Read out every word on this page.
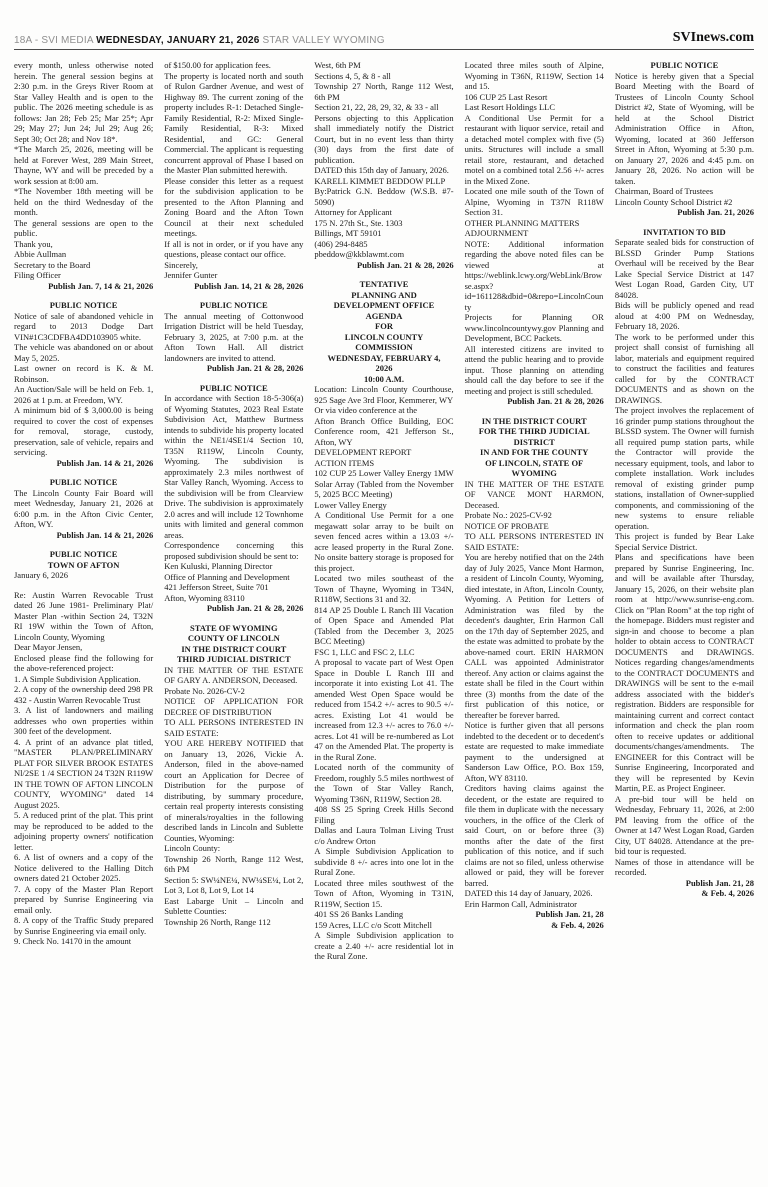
18A - SVI MEDIA WEDNESDAY, JANUARY 21, 2026 STAR VALLEY WYOMING	SVInews.com
every month, unless otherwise noted herein. The general session begins at 2:30 p.m. in the Greys River Room at Star Valley Health and is open to the public. The 2026 meeting schedule is as follows: Jan 28; Feb 25; Mar 25*; Apr 29; May 27; Jun 24; Jul 29; Aug 26; Sept 30; Oct 28; and Nov 18*.
*The March 25, 2026, meeting will be held at Forever West, 289 Main Street, Thayne, WY and will be preceded by a work session at 8:00 am.
*The November 18th meeting will be held on the third Wednesday of the month.
The general sessions are open to the public.
Thank you,
Abbie Aullman
Secretary to the Board
Filing Officer
Publish Jan. 7, 14 & 21, 2026
PUBLIC NOTICE
Notice of sale of abandoned vehicle in regard to 2013 Dodge Dart VIN#1C3CDFBA4DD103905 white.
The vehicle was abandoned on or about May 5, 2025.
Last owner on record is K. & M. Robinson.
An Auction/Sale will be held on Feb. 1, 2026 at 1 p.m. at Freedom, WY.
A minimum bid of $ 3,000.00 is being required to cover the cost of expenses for removal, storage, custody, preservation, sale of vehicle, repairs and servicing.
Publish Jan. 14 & 21, 2026
PUBLIC NOTICE
The Lincoln County Fair Board will meet Wednesday, January 21, 2026 at 6:00 p.m. in the Afton Civic Center, Afton, WY.
Publish Jan. 14 & 21, 2026
PUBLIC NOTICE
TOWN OF AFTON
January 6, 2026
Re: Austin Warren Revocable Trust dated 26 June 1981- Preliminary Plat/ Master Plan -within Section 24, T32N RI 19W within the Town of Afton, Lincoln County, Wyoming
Dear Mayor Jensen,
Enclosed please find the following for the above-referenced project:
1. A Simple Subdivision Application.
2. A copy of the ownership deed 298 PR 432 - Austin Warren Revocable Trust
3. A list of landowners and mailing addresses who own properties within 300 feet of the development.
4. A print of an advance plat titled, "MASTER PLAN/PRELIMINARY PLAT FOR SILVER BROOK ESTATES Nl/2SE 1 /4 SECTION 24 T32N R119W IN THE TOWN OF AFTON LINCOLN COUNTY, WYOMING" dated 14 August 2025.
5. A reduced print of the plat. This print may be reproduced to be added to the adjoining property owners' notification letter.
6. A list of owners and a copy of the Notice delivered to the Halling Ditch owners dated 21 October 2025.
7. A copy of the Master Plan Report prepared by Sunrise Engineering via email only.
8. A copy of the Traffic Study prepared by Sunrise Engineering via email only.
9. Check No. 14170 in the amount
of $150.00 for application fees.
The property is located north and south of Rulon Gardner Avenue, and west of Highway 89. The current zoning of the property includes R-1: Detached Single-Family Residential, R-2: Mixed Single-Family Residential, R-3: Mixed Residential, and GC: General Commercial. The applicant is requesting concurrent approval of Phase I based on the Master Plan submitted herewith.
Please consider this letter as a request for the subdivision application to be presented to the Afton Planning and Zoning Board and the Afton Town Council at their next scheduled meetings.
If all is not in order, or if you have any questions, please contact our office.
Sincerely,
Jennifer Gunter
Publish Jan. 14, 21 & 28, 2026
PUBLIC NOTICE
The annual meeting of Cottonwood Irrigation District will be held Tuesday, February 3, 2025, at 7:00 p.m. at the Afton Town Hall. All district landowners are invited to attend.
Publish Jan. 21 & 28, 2026
PUBLIC NOTICE
In accordance with Section 18-5-306(a) of Wyoming Statutes, 2023 Real Estate Subdivision Act, Matthew Burtness intends to subdivide his property located within the NE1/4SE1/4 Section 10, T35N R119W, Lincoln County, Wyoming. The subdivision is approximately 2.3 miles northwest of Star Valley Ranch, Wyoming. Access to the subdivision will be from Clearview Drive. The subdivision is approximately 2.0 acres and will include 12 Townhome units with limited and general common areas.
Correspondence concerning this proposed subdivision should be sent to:
Ken Kuluski, Planning Director
Office of Planning and Development
421 Jefferson Street, Suite 701
Afton, Wyoming 83110
Publish Jan. 21 & 28, 2026
STATE OF WYOMING
COUNTY OF LINCOLN
IN THE DISTRICT COURT
THIRD JUDICIAL DISTRICT
IN THE MATTER OF THE ESTATE OF GARY A. ANDERSON, Deceased.
Probate No. 2026-CV-2
NOTICE OF APPLICATION FOR DECREE OF DISTRIBUTION
TO ALL PERSONS INTERESTED IN SAID ESTATE:
YOU ARE HEREBY NOTIFIED that on January 13, 2026, Vickie A. Anderson, filed in the above-named court an Application for Decree of Distribution for the purpose of distributing, by summary procedure, certain real property interests consisting of minerals/royalties in the following described lands in Lincoln and Sublette Counties, Wyoming:
Lincoln County:
Township 26 North, Range 112 West, 6th PM
Section 5: SW¼NE¼, NW¼SE¼, Lot 2, Lot 3, Lot 8, Lot 9, Lot 14
East Labarge Unit – Lincoln and Sublette Counties:
Township 26 North, Range 112
West, 6th PM
Sections 4, 5, & 8 - all
Township 27 North, Range 112 West, 6th PM
Section 21, 22, 28, 29, 32, & 33 - all
Persons objecting to this Application shall immediately notify the District Court, but in no event less than thirty (30) days from the first date of publication.
DATED this 15th day of January, 2026.
KARELL KIMMET BEDDOW PLLP
By:Patrick G.N. Beddow (W.S.B. #7-5090)
Attorney for Applicant
175 N. 27th St., Ste. 1303
Billings, MT 59101
(406) 294-8485
pbeddow@kkblawmt.com
Publish Jan. 21 & 28, 2026
TENTATIVE
PLANNING AND
DEVELOPMENT OFFICE
AGENDA
FOR
LINCOLN COUNTY
COMMISSION
WEDNESDAY, FEBRUARY 4,
2026
10:00 A.M.
Location: Lincoln County Courthouse, 925 Sage Ave 3rd Floor, Kemmerer, WY
Or via video conference at the
Afton Branch Office Building, EOC Conference room, 421 Jefferson St., Afton, WY
DEVELOPMENT REPORT
ACTION ITEMS
102 CUP 25 Lower Valley Energy 1MW Solar Array (Tabled from the November 5, 2025 BCC Meeting)
Lower Valley Energy
A Conditional Use Permit for a one megawatt solar array to be built on seven fenced acres within a 13.03 +/- acre leased property in the Rural Zone. No onsite battery storage is proposed for this project.
Located two miles southeast of the Town of Thayne, Wyoming in T34N, R118W, Sections 31 and 32.
814 AP 25 Double L Ranch III Vacation of Open Space and Amended Plat (Tabled from the December 3, 2025 BCC Meeting)
FSC 1, LLC and FSC 2, LLC
A proposal to vacate part of West Open Space in Double L Ranch III and incorporate it into existing Lot 41. The amended West Open Space would be reduced from 154.2 +/- acres to 90.5 +/- acres. Existing Lot 41 would be increased from 12.3 +/- acres to 76.0 +/- acres. Lot 41 will be re-numbered as Lot 47 on the Amended Plat. The property is in the Rural Zone.
Located north of the community of Freedom, roughly 5.5 miles northwest of the Town of Star Valley Ranch, Wyoming T36N, R119W, Section 28.
408 SS 25 Spring Creek Hills Second Filing
Dallas and Laura Tolman Living Trust c/o Andrew Orton
A Simple Subdivision Application to subdivide 8 +/- acres into one lot in the Rural Zone.
Located three miles southwest of the Town of Afton, Wyoming in T31N, R119W, Section 15.
401 SS 26 Banks Landing
159 Acres, LLC c/o Scott Mitchell
A Simple Subdivision application to create a 2.40 +/- acre residential lot in the Rural Zone.
Located three miles south of Alpine, Wyoming in T36N, R119W, Section 14 and 15.
106 CUP 25 Last Resort
Last Resort Holdings LLC
A Conditional Use Permit for a restaurant with liquor service, retail and a detached motel complex with five (5) units. Structures will include a small retail store, restaurant, and detached motel on a combined total 2.56 +/- acres in the Mixed Zone.
Located one mile south of the Town of Alpine, Wyoming in T37N R118W Section 31.
OTHER PLANNING MATTERS
ADJOURNMENT
NOTE: Additional information regarding the above noted files can be viewed at https://weblink.lcwy.org/WebLink/Browse.aspx?id=161128&dbid=0&repo=LincolnCounty
Projects for Planning OR www.lincolncountywy.gov Planning and Development, BCC Packets.
All interested citizens are invited to attend the public hearing and to provide input. Those planning on attending should call the day before to see if the meeting and project is still scheduled.
Publish Jan. 21 & 28, 2026
IN THE DISTRICT COURT
FOR THE THIRD JUDICIAL
DISTRICT
IN AND FOR THE COUNTY
OF LINCOLN, STATE OF
WYOMING
IN THE MATTER OF THE ESTATE OF VANCE MONT HARMON, Deceased.
Probate No.: 2025-CV-92
NOTICE OF PROBATE
TO ALL PERSONS INTERESTED IN SAID ESTATE:
You are hereby notified that on the 24th day of July 2025, Vance Mont Harmon, a resident of Lincoln County, Wyoming, died intestate, in Afton, Lincoln County, Wyoming. A Petition for Letters of Administration was filed by the decedent's daughter, Erin Harmon Call on the 17th day of September 2025, and the estate was admitted to probate by the above-named court. ERIN HARMON CALL was appointed Administrator thereof. Any action or claims against the estate shall be filed in the Court within three (3) months from the date of the first publication of this notice, or thereafter be forever barred.
Notice is further given that all persons indebted to the decedent or to decedent's estate are requested to make immediate payment to the undersigned at Sanderson Law Office, P.O. Box 159, Afton, WY 83110.
Creditors having claims against the decedent, or the estate are required to file them in duplicate with the necessary vouchers, in the office of the Clerk of said Court, on or before three (3) months after the date of the first publication of this notice, and if such claims are not so filed, unless otherwise allowed or paid, they will be forever barred.
DATED this 14 day of January, 2026.
Erin Harmon Call, Administrator
Publish Jan. 21, 28
& Feb. 4, 2026
PUBLIC NOTICE
Notice is hereby given that a Special Board Meeting with the Board of Trustees of Lincoln County School District #2, State of Wyoming, will be held at the School District Administration Office in Afton, Wyoming, located at 360 Jefferson Street in Afton, Wyoming at 5:30 p.m. on January 27, 2026 and 4:45 p.m. on January 28, 2026. No action will be taken.
Chairman, Board of Trustees
Lincoln County School District #2
Publish Jan. 21, 2026
INVITATION TO BID
Separate sealed bids for construction of BLSSD Grinder Pump Stations Overhaul will be received by the Bear Lake Special Service District at 147 West Logan Road, Garden City, UT 84028.
Bids will be publicly opened and read aloud at 4:00 PM on Wednesday, February 18, 2026.
The work to be performed under this project shall consist of furnishing all labor, materials and equipment required to construct the facilities and features called for by the CONTRACT DOCUMENTS and as shown on the DRAWINGS.
The project involves the replacement of 16 grinder pump stations throughout the BLSSD system. The Owner will furnish all required pump station parts, while the Contractor will provide the necessary equipment, tools, and labor to complete installation. Work includes removal of existing grinder pump stations, installation of Owner-supplied components, and commissioning of the new systems to ensure reliable operation.
This project is funded by Bear Lake Special Service District.
Plans and specifications have been prepared by Sunrise Engineering, Inc. and will be available after Thursday, January 15, 2026, on their website plan room at http://www.sunrise-eng.com. Click on "Plan Room" at the top right of the homepage. Bidders must register and sign-in and choose to become a plan holder to obtain access to CONTRACT DOCUMENTS and DRAWINGS. Notices regarding changes/amendments to the CONTRACT DOCUMENTS and DRAWINGS will be sent to the e-mail address associated with the bidder's registration. Bidders are responsible for maintaining current and correct contact information and check the plan room often to receive updates or additional documents/changes/amendments. The ENGINEER for this Contract will be Sunrise Engineering, Incorporated and they will be represented by Kevin Martin, P.E. as Project Engineer.
A pre-bid tour will be held on Wednesday, February 11, 2026, at 2:00 PM leaving from the office of the Owner at 147 West Logan Road, Garden City, UT 84028. Attendance at the pre-bid tour is requested.
Names of those in attendance will be recorded.
Publish Jan. 21, 28
& Feb. 4, 2026
